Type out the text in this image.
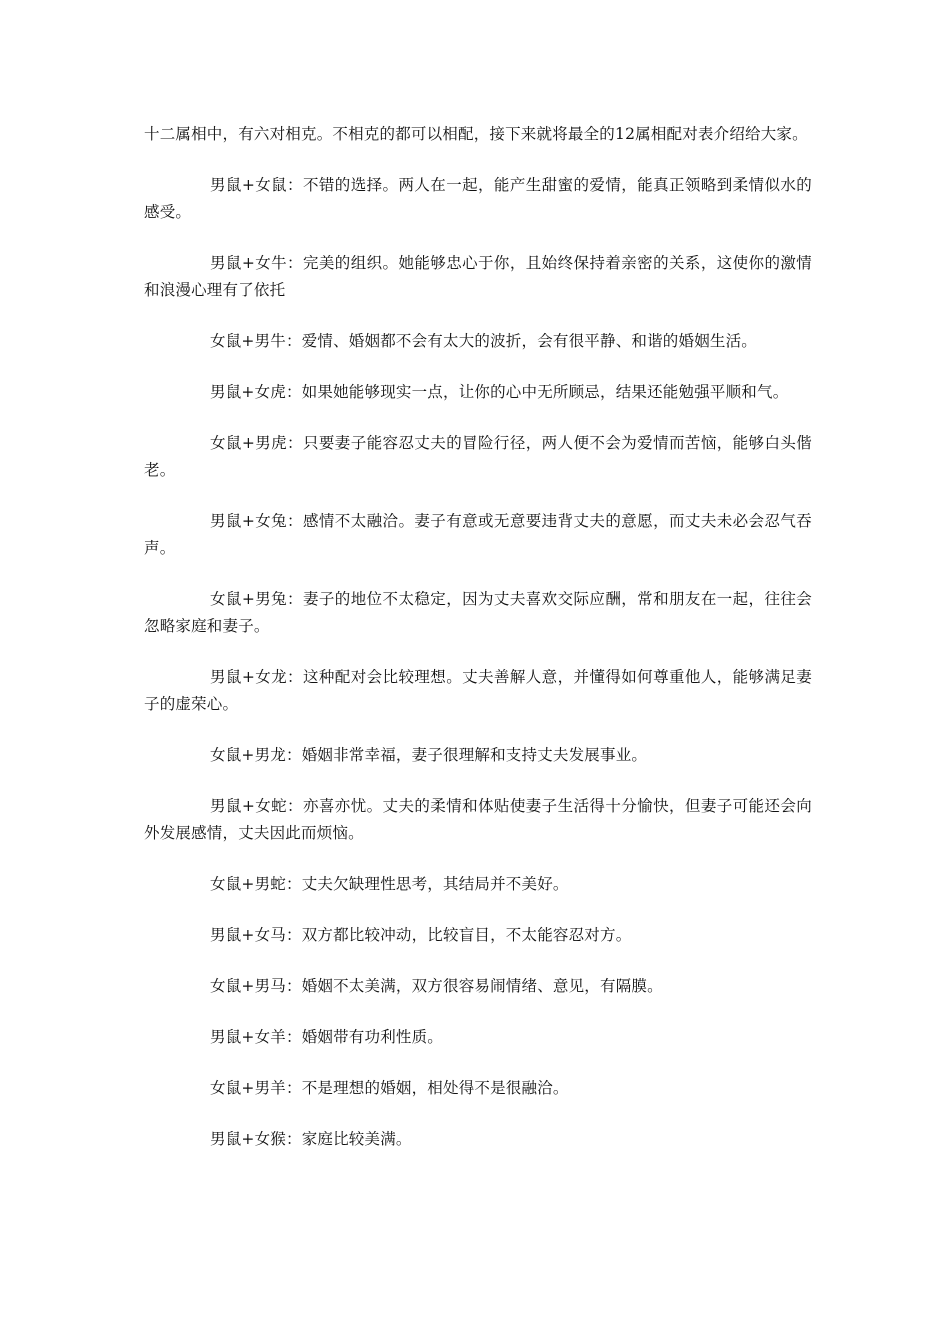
十二属相中，有六对相克。不相克的都可以相配，接下来就将最全的12属相配对表介绍给大家。

男鼠+女鼠：不错的选择。两人在一起，能产生甜蜜的爱情，能真正领略到柔情似水的感受。

男鼠+女牛：完美的组织。她能够忠心于你，且始终保持着亲密的关系，这使你的激情和浪漫心理有了依托

女鼠+男牛：爱情、婚姻都不会有太大的波折，会有很平静、和谐的婚姻生活。

男鼠+女虎：如果她能够现实一点，让你的心中无所顾忌，结果还能勉强平顺和气。

女鼠+男虎：只要妻子能容忍丈夫的冒险行径，两人便不会为爱情而苦恼，能够白头偕老。

男鼠+女兔：感情不太融洽。妻子有意或无意要违背丈夫的意愿，而丈夫未必会忍气吞声。

女鼠+男兔：妻子的地位不太稳定，因为丈夫喜欢交际应酬，常和朋友在一起，往往会忽略家庭和妻子。

男鼠+女龙：这种配对会比较理想。丈夫善解人意，并懂得如何尊重他人，能够满足妻子的虚荣心。

女鼠+男龙：婚姻非常幸福，妻子很理解和支持丈夫发展事业。

男鼠+女蛇：亦喜亦忧。丈夫的柔情和体贴使妻子生活得十分愉快，但妻子可能还会向外发展感情，丈夫因此而烦恼。

女鼠+男蛇：丈夫欠缺理性思考，其结局并不美好。

男鼠+女马：双方都比较冲动，比较盲目，不太能容忍对方。

女鼠+男马：婚姻不太美满，双方很容易闹情绪、意见，有隔膜。

男鼠+女羊：婚姻带有功利性质。

女鼠+男羊：不是理想的婚姻，相处得不是很融洽。

男鼠+女猴：家庭比较美满。
